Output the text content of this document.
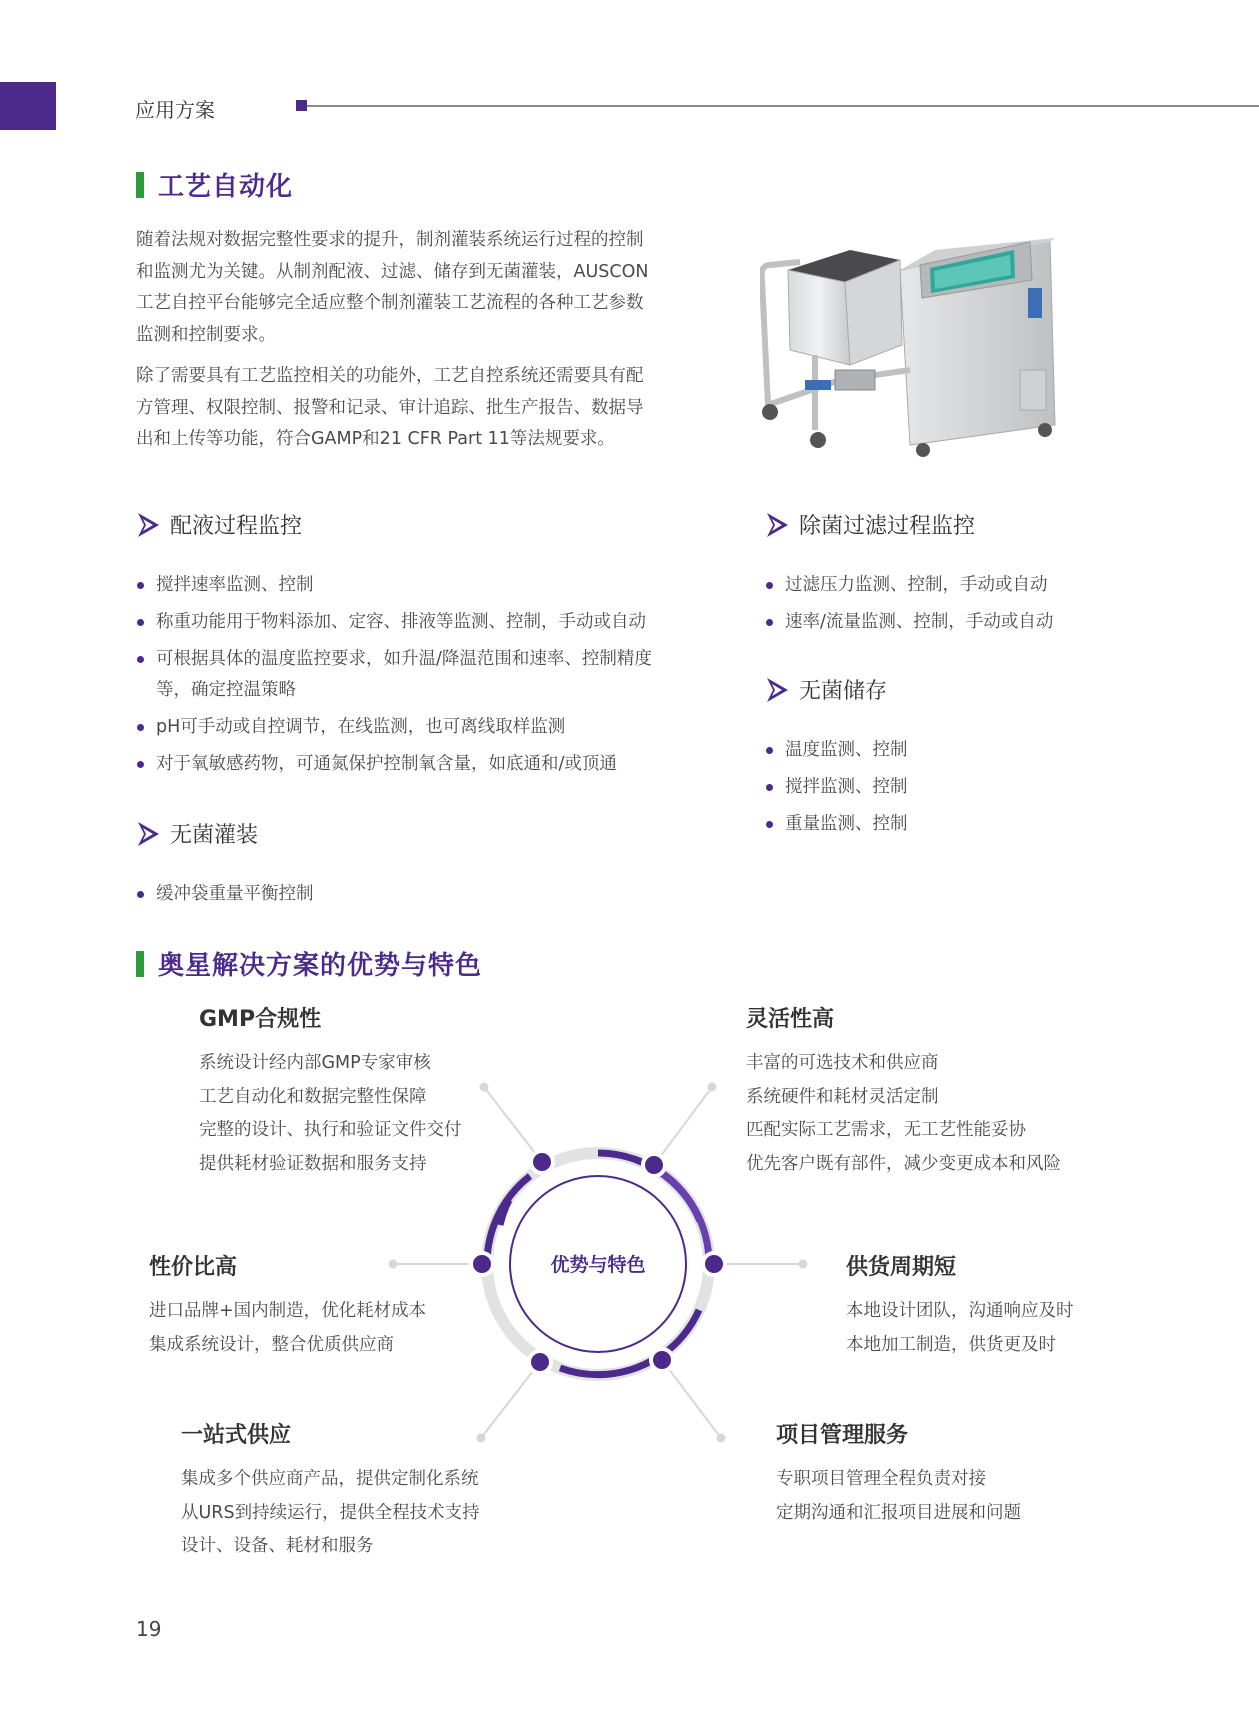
应用方案
工艺自动化

随着法规对数据完整性要求的提升，制剂灌装系统运行过程的控制和监测尤为关键。从制剂配液、过滤、储存到无菌灌装，AUSCON工艺自控平台能够完全适应整个制剂灌装工艺流程的各种工艺参数监测和控制要求。

除了需要具有工艺监控相关的功能外，工艺自控系统还需要具有配方管理、权限控制、报警和记录、审计追踪、批生产报告、数据导出和上传等功能，符合GAMP和21 CFR Part 11等法规要求。

配液过程监控
搅拌速率监测、控制
称重功能用于物料添加、定容、排液等监测、控制，手动或自动
可根据具体的温度监控要求，如升温/降温范围和速率、控制精度等，确定控温策略
pH可手动或自控调节，在线监测，也可离线取样监测
对于氧敏感药物，可通氮保护控制氧含量，如底通和/或顶通
无菌灌装
缓冲袋重量平衡控制
除菌过滤过程监控
过滤压力监测、控制，手动或自动
速率/流量监测、控制，手动或自动
无菌储存
温度监测、控制
搅拌监测、控制
重量监测、控制
奥星解决方案的优势与特色
优势与特色
GMP合规性
系统设计经内部GMP专家审核
工艺自动化和数据完整性保障
完整的设计、执行和验证文件交付
提供耗材验证数据和服务支持
灵活性高
丰富的可选技术和供应商
系统硬件和耗材灵活定制
匹配实际工艺需求，无工艺性能妥协
优先客户既有部件，减少变更成本和风险
性价比高
进口品牌+国内制造，优化耗材成本
集成系统设计，整合优质供应商
供货周期短
本地设计团队，沟通响应及时
本地加工制造，供货更及时
一站式供应
集成多个供应商产品，提供定制化系统
从URS到持续运行，提供全程技术支持
设计、设备、耗材和服务
项目管理服务
专职项目管理全程负责对接
定期沟通和汇报项目进展和问题
19
